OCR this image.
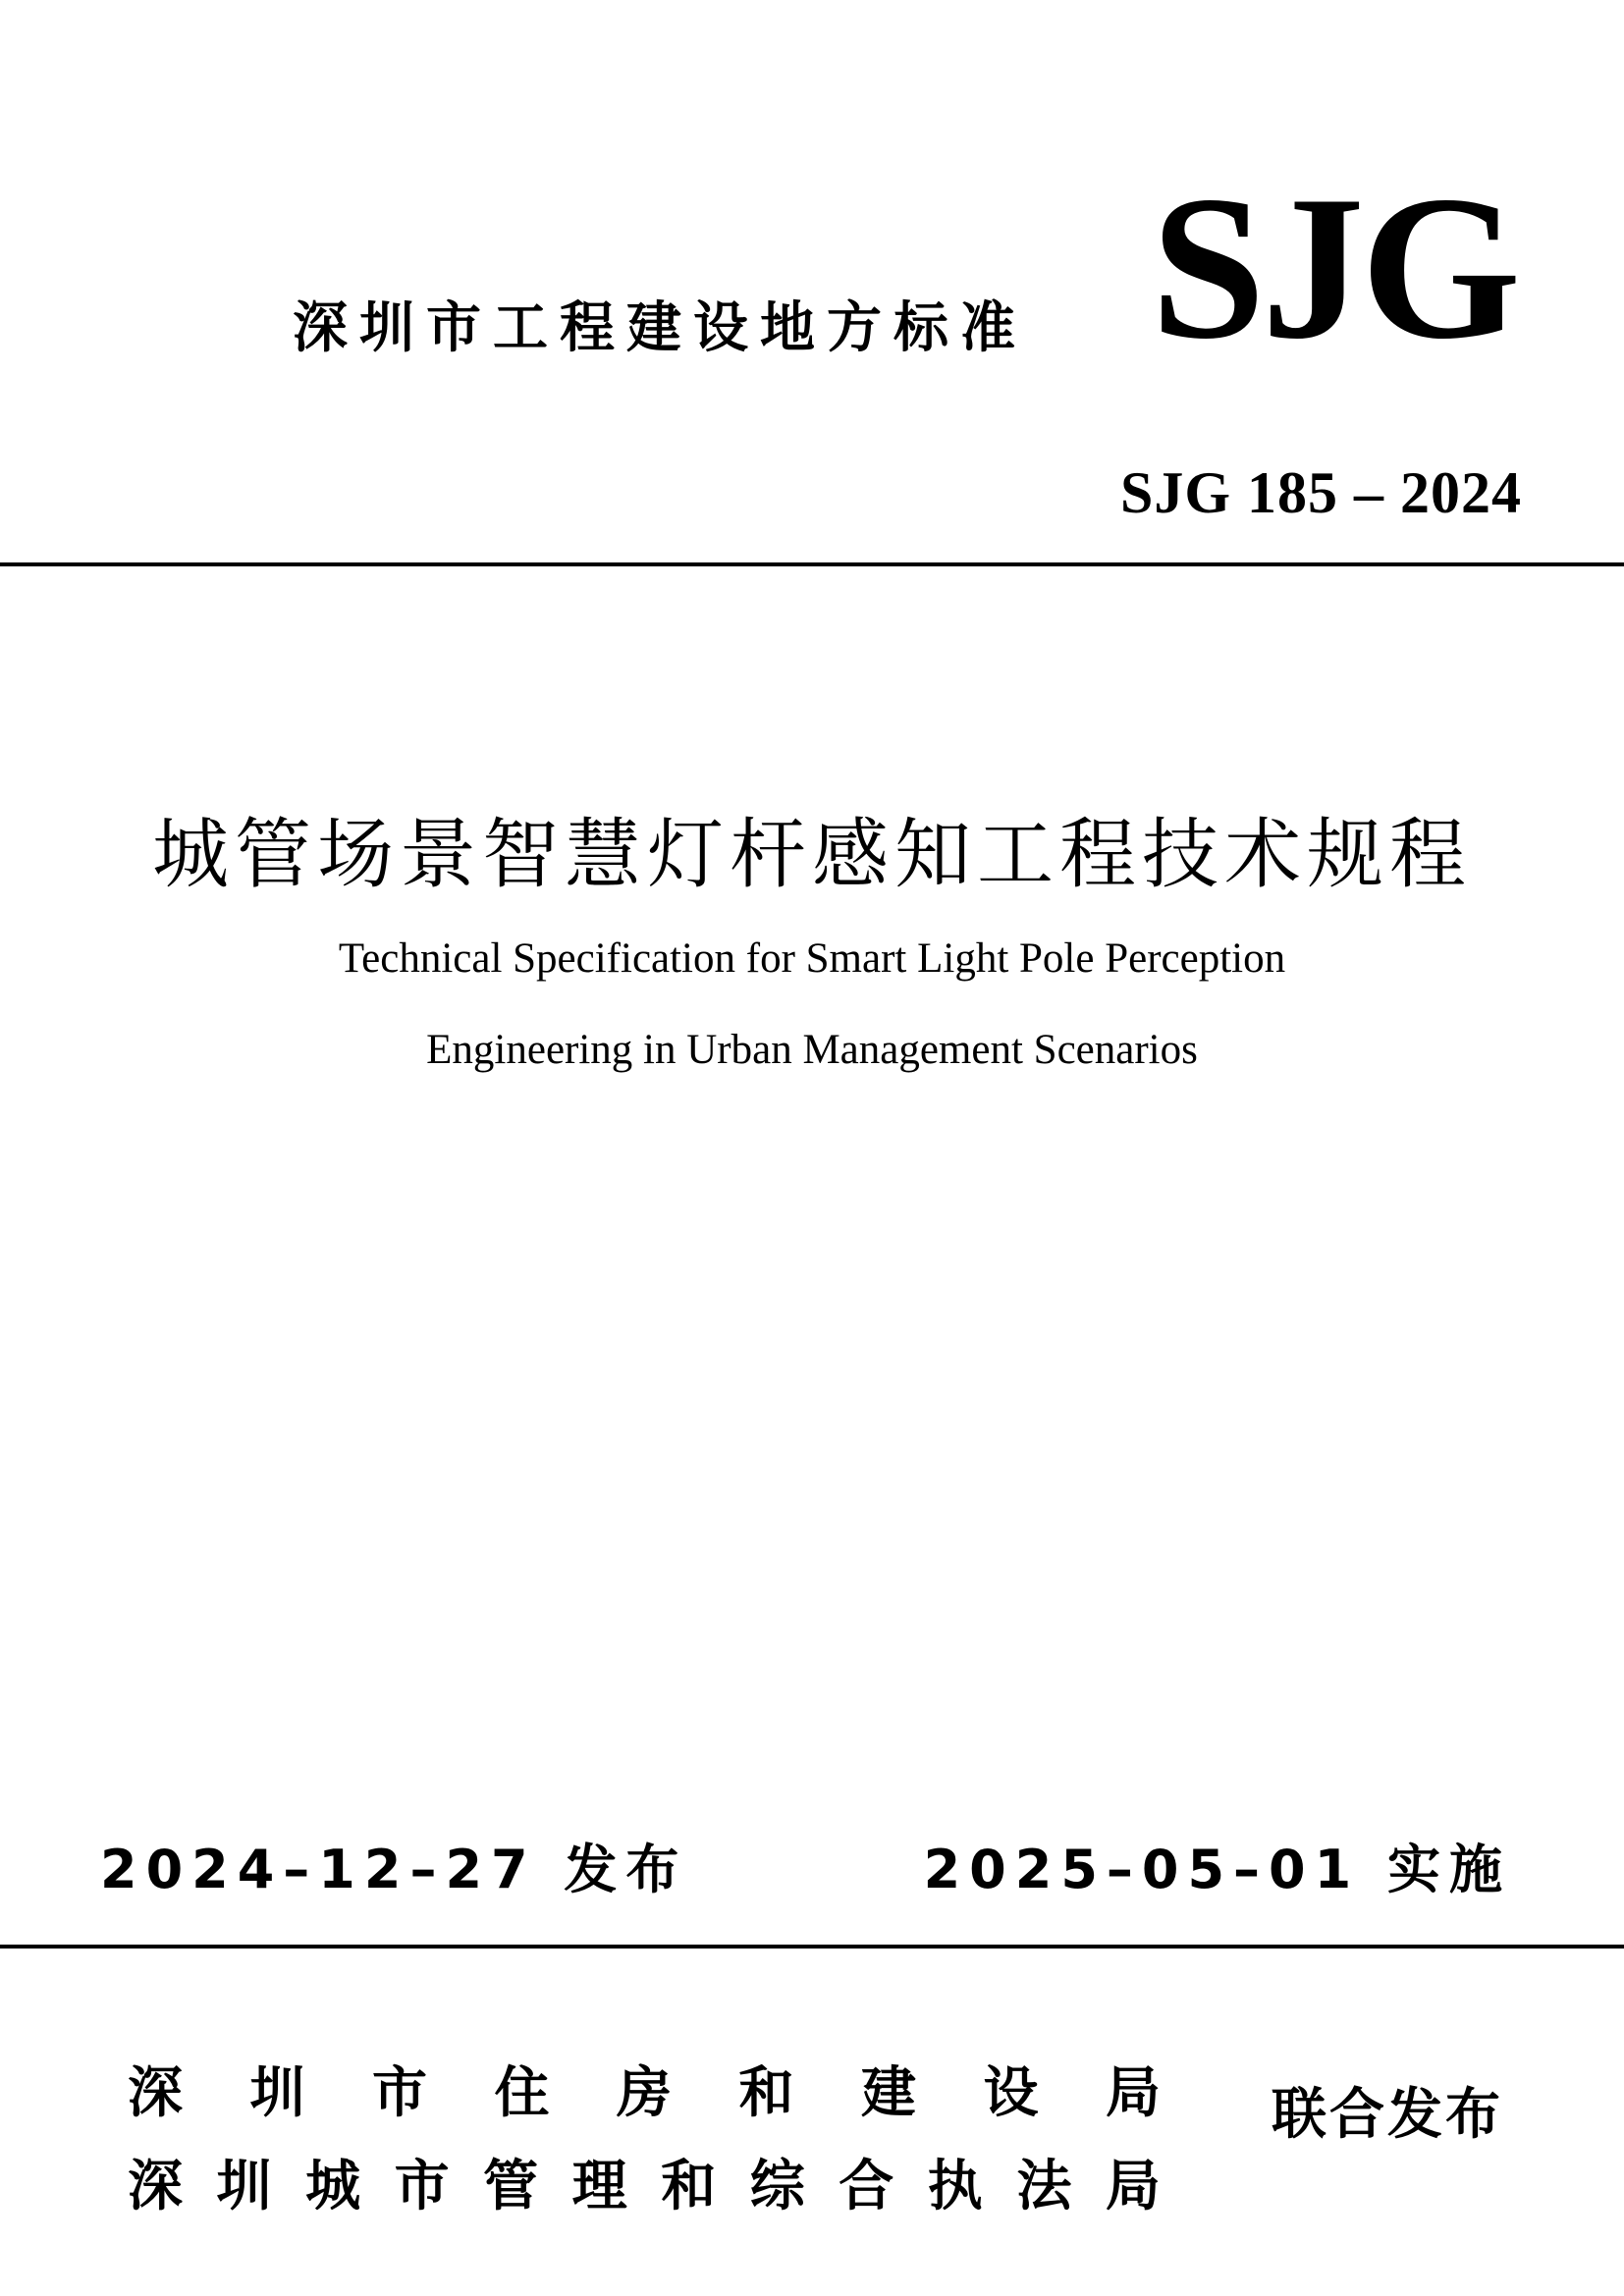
深圳市工程建设地方标准 SJG
SJG 185 – 2024
城管场景智慧灯杆感知工程技术规程
Technical Specification for Smart Light Pole Perception
Engineering in Urban Management Scenarios
2024–12–27 发布	2025–05–01 实施
深 圳 市 住 房 和 建 设 局
深 圳 城 市 管 理 和 综 合 执 法 局
联合发布
